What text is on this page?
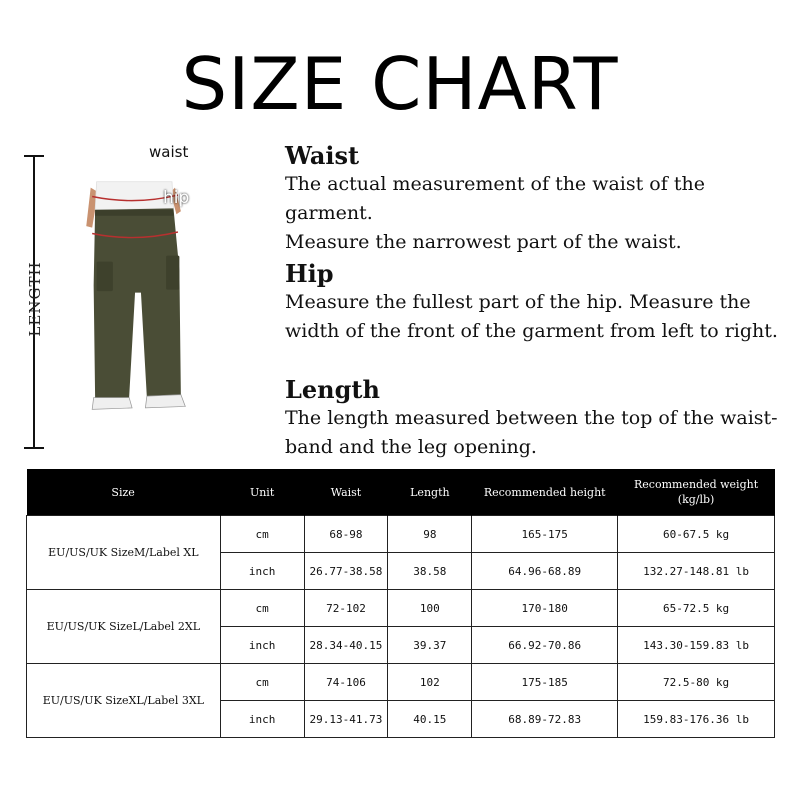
SIZE CHART
LENGTH
waist
hip
Waist

The actual measurement of the waist of the garment.

Measure the narrowest part of the waist.

Hip

Measure the fullest part of the hip. Measure the

width of the front of the garment from left to right.

Length

The length measured between the top of the waist-

band and the leg opening.

Size	Unit	Waist	Length	Recommended height	Recommended weight
(kg/lb)
EU/US/UK SizeM/Label XL	cm	68-98	98	165-175	60-67.5 kg
	inch	26.77-38.58	38.58	64.96-68.89	132.27-148.81 lb
EU/US/UK SizeL/Label 2XL	cm	72-102	100	170-180	65-72.5 kg
	inch	28.34-40.15	39.37	66.92-70.86	143.30-159.83 lb
EU/US/UK SizeXL/Label 3XL	cm	74-106	102	175-185	72.5-80 kg
	inch	29.13-41.73	40.15	68.89-72.83	159.83-176.36 lb
